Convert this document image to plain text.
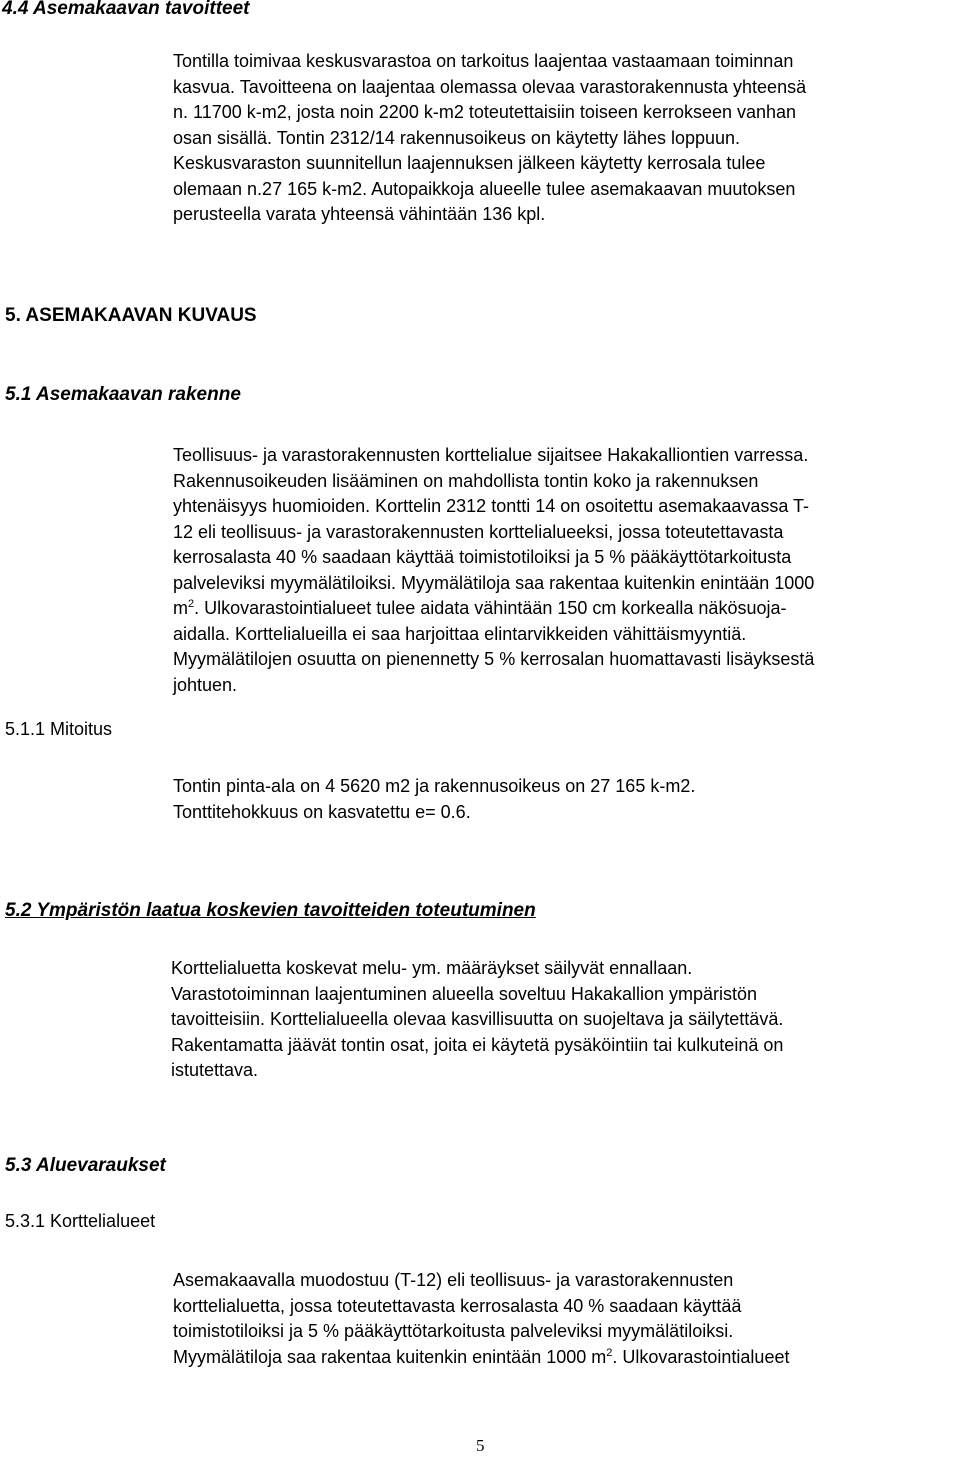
4.4 Asemakaavan tavoitteet
Tontilla toimivaa keskusvarastoa on tarkoitus laajentaa vastaamaan toiminnan
kasvua. Tavoitteena on laajentaa olemassa olevaa varastorakennusta yhteensä
n. 11700 k-m2, josta noin 2200 k-m2 toteutettaisiin toiseen kerrokseen vanhan
osan sisällä. Tontin 2312/14 rakennusoikeus on käytetty lähes loppuun.
Keskusvaraston suunnitellun laajennuksen jälkeen käytetty kerrosala tulee
olemaan n.27 165 k-m2. Autopaikkoja alueelle tulee asemakaavan muutoksen
perusteella varata yhteensä vähintään 136 kpl.
5. ASEMAKAAVAN KUVAUS
5.1 Asemakaavan rakenne
Teollisuus- ja varastorakennusten korttelialue sijaitsee Hakakalliontien varressa.
Rakennusoikeuden lisääminen on mahdollista tontin koko ja rakennuksen
yhtenäisyys huomioiden. Korttelin 2312 tontti 14 on osoitettu asemakaavassa T-
12 eli teollisuus- ja varastorakennusten korttelialueeksi, jossa toteutettavasta
kerrosalasta 40 % saadaan käyttää toimistotiloiksi ja 5 % pääkäyttötarkoitusta
palveleviksi myymälätiloiksi. Myymälätiloja saa rakentaa kuitenkin enintään 1000
$m^2$. Ulkovarastointialueet tulee aidata vähintään 150 cm korkealla näkösuoja-
aidalla. Korttelialueilla ei saa harjoittaa elintarvikkeiden vähittäismyyntiä.
Myymälätilojen osuutta on pienennetty 5 % kerrosalan huomattavasti lisäyksestä
johtuen.
5.1.1 Mitoitus
Tontin pinta-ala on 4 5620 m2 ja rakennusoikeus on 27 165 k-m2.
Tonttitehokkuus on kasvatettu e= 0.6.
5.2 Ympäristön laatua koskevien tavoitteiden toteutuminen
Korttelialuetta koskevat melu- ym. määräykset säilyvät ennallaan.
Varastotoiminnan laajentuminen alueella soveltuu Hakakallion ympäristön
tavoitteisiin. Korttelialueella olevaa kasvillisuutta on suojeltava ja säilytettävä.
Rakentamatta jäävät tontin osat, joita ei käytetä pysäköintiin tai kulkuteinä on
istutettava.
5.3 Aluevaraukset
5.3.1 Korttelialueet
Asemakaavalla muodostuu (T-12) eli teollisuus- ja varastorakennusten
korttelialuetta, jossa toteutettavasta kerrosalasta 40 % saadaan käyttää
toimistotiloiksi ja 5 % pääkäyttötarkoitusta palveleviksi myymälätiloiksi.
Myymälätiloja saa rakentaa kuitenkin enintään 1000 $m^2$. Ulkovarastointialueet
5
